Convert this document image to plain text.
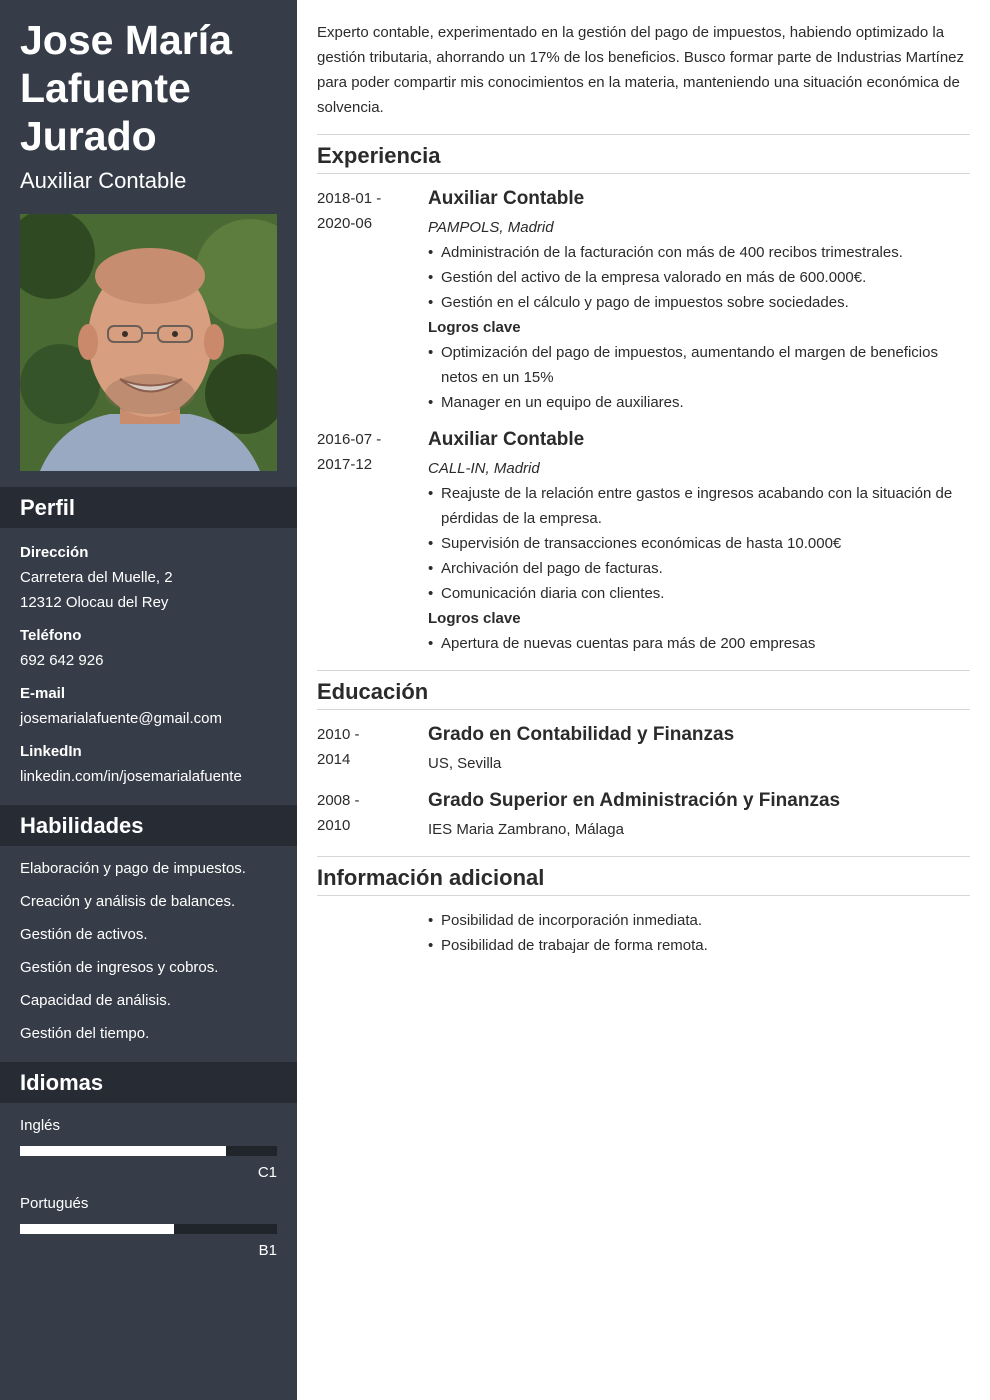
Jose María
Lafuente
Jurado
Auxiliar Contable
Perfil
Dirección
Carretera del Muelle, 2
12312 Olocau del Rey
Teléfono
692 642 926
E-mail
josemarialafuente@gmail.com
LinkedIn
linkedin.com/in/josemarialafuente
Habilidades
Elaboración y pago de impuestos.
Creación y análisis de balances.
Gestión de activos.
Gestión de ingresos y cobros.
Capacidad de análisis.
Gestión del tiempo.
Idiomas
Inglés
C1
Portugués
B1

Experto contable, experimentado en la gestión del pago de impuestos, habiendo optimizado la gestión tributaria, ahorrando un 17% de los beneficios. Busco formar parte de Industrias Martínez para poder compartir mis conocimientos en la materia, manteniendo una situación económica de solvencia.

Experiencia
2018-01 -
2020-06
Auxiliar Contable
PAMPOLS, Madrid
• Administración de la facturación con más de 400 recibos trimestrales.
• Gestión del activo de la empresa valorado en más de 600.000€.
• Gestión en el cálculo y pago de impuestos sobre sociedades.
Logros clave
• Optimización del pago de impuestos, aumentando el margen de beneficios netos en un 15%
• Manager en un equipo de auxiliares.
2016-07 -
2017-12
Auxiliar Contable
CALL-IN, Madrid
• Reajuste de la relación entre gastos e ingresos acabando con la situación de pérdidas de la empresa.
• Supervisión de transacciones económicas de hasta 10.000€
• Archivación del pago de facturas.
• Comunicación diaria con clientes.
Logros clave
• Apertura de nuevas cuentas para más de 200 empresas
Educación
2010 -
2014
Grado en Contabilidad y Finanzas
US, Sevilla
2008 -
2010
Grado Superior en Administración y Finanzas
IES Maria Zambrano, Málaga
Información adicional
• Posibilidad de incorporación inmediata.
• Posibilidad de trabajar de forma remota.
